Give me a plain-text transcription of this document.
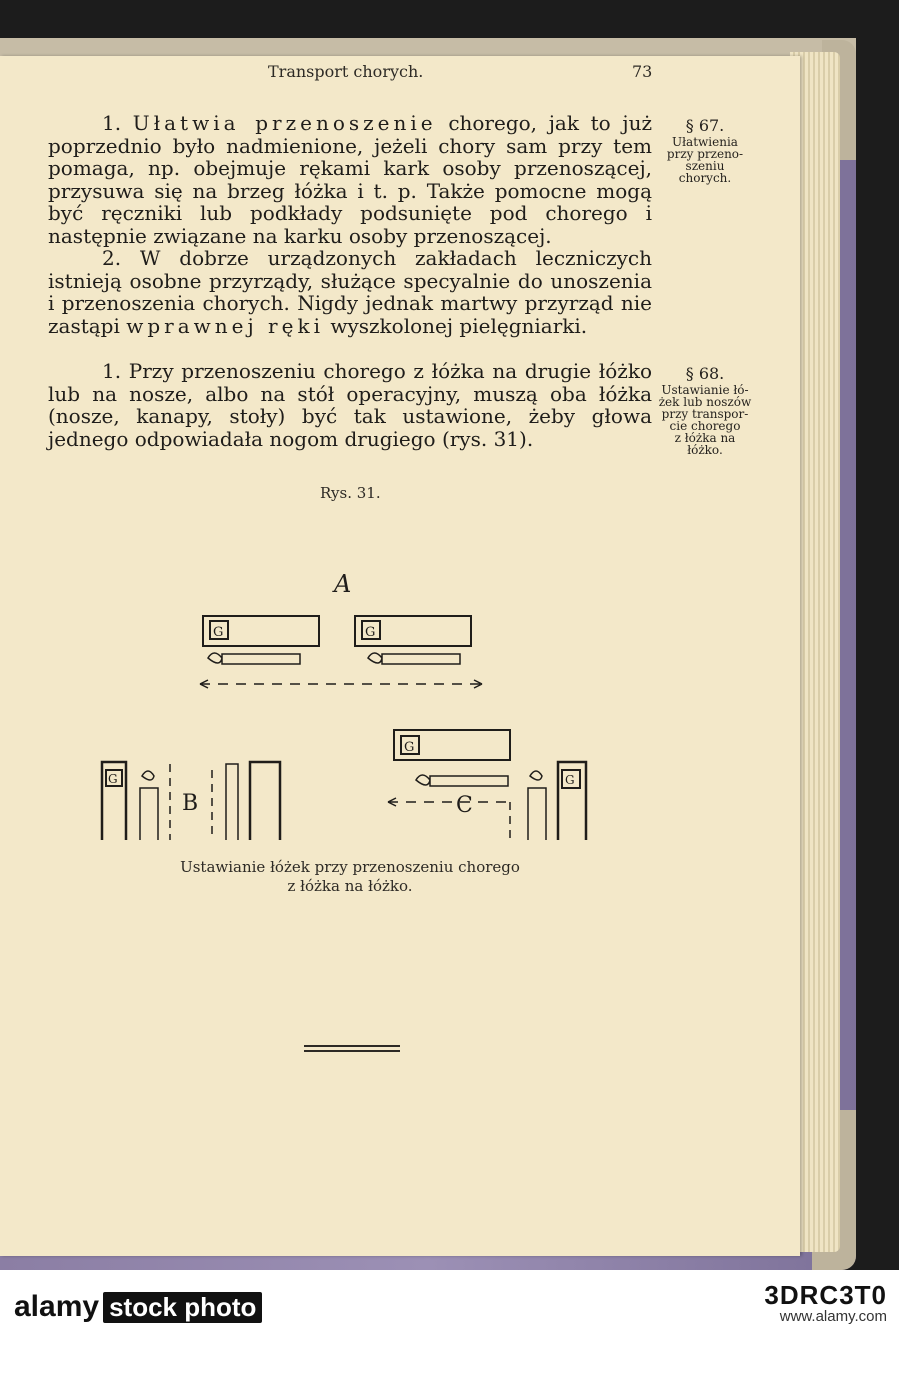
Transport chorych.	73

1. Ułatwia przenoszenie chorego, jak to już poprzednio było nadmienione, jeżeli chory sam przy tem pomaga, np. obejmuje rękami kark osoby przenoszącej, przysuwa się na brzeg łóżka i t. p. Także pomocne mogą być ręczniki lub podkłady podsunięte pod chorego i następnie związane na karku osoby przenoszącej.

2. W dobrze urządzonych zakładach leczniczych istnieją osobne przyrządy, służące specyalnie do unoszenia i przenoszenia chorych. Nigdy jednak martwy przyrząd nie zastąpi wprawnej ręki wyszkolonej pielęgniarki.

§ 67.
Ułatwienia
przy przeno-
szeniu
chorych.

1. Przy przenoszeniu chorego z łóżka na drugie łóżko lub na nosze, albo na stół operacyjny, muszą oba łóżka (nosze, kanapy, stoły) być tak ustawione, żeby głowa jednego odpowiadała nogom drugiego (rys. 31).

§ 68.
Ustawianie łó-
żek lub noszów
przy transpor-
cie chorego
z łóżka na
łóżko.
Rys. 31.
A
G	G
B
G
C
G
G
Ustawianie łóżek przy przenoszeniu chorego
z łóżka na łóżko.
alamy stock photo	3DRC3T0
www.alamy.com
